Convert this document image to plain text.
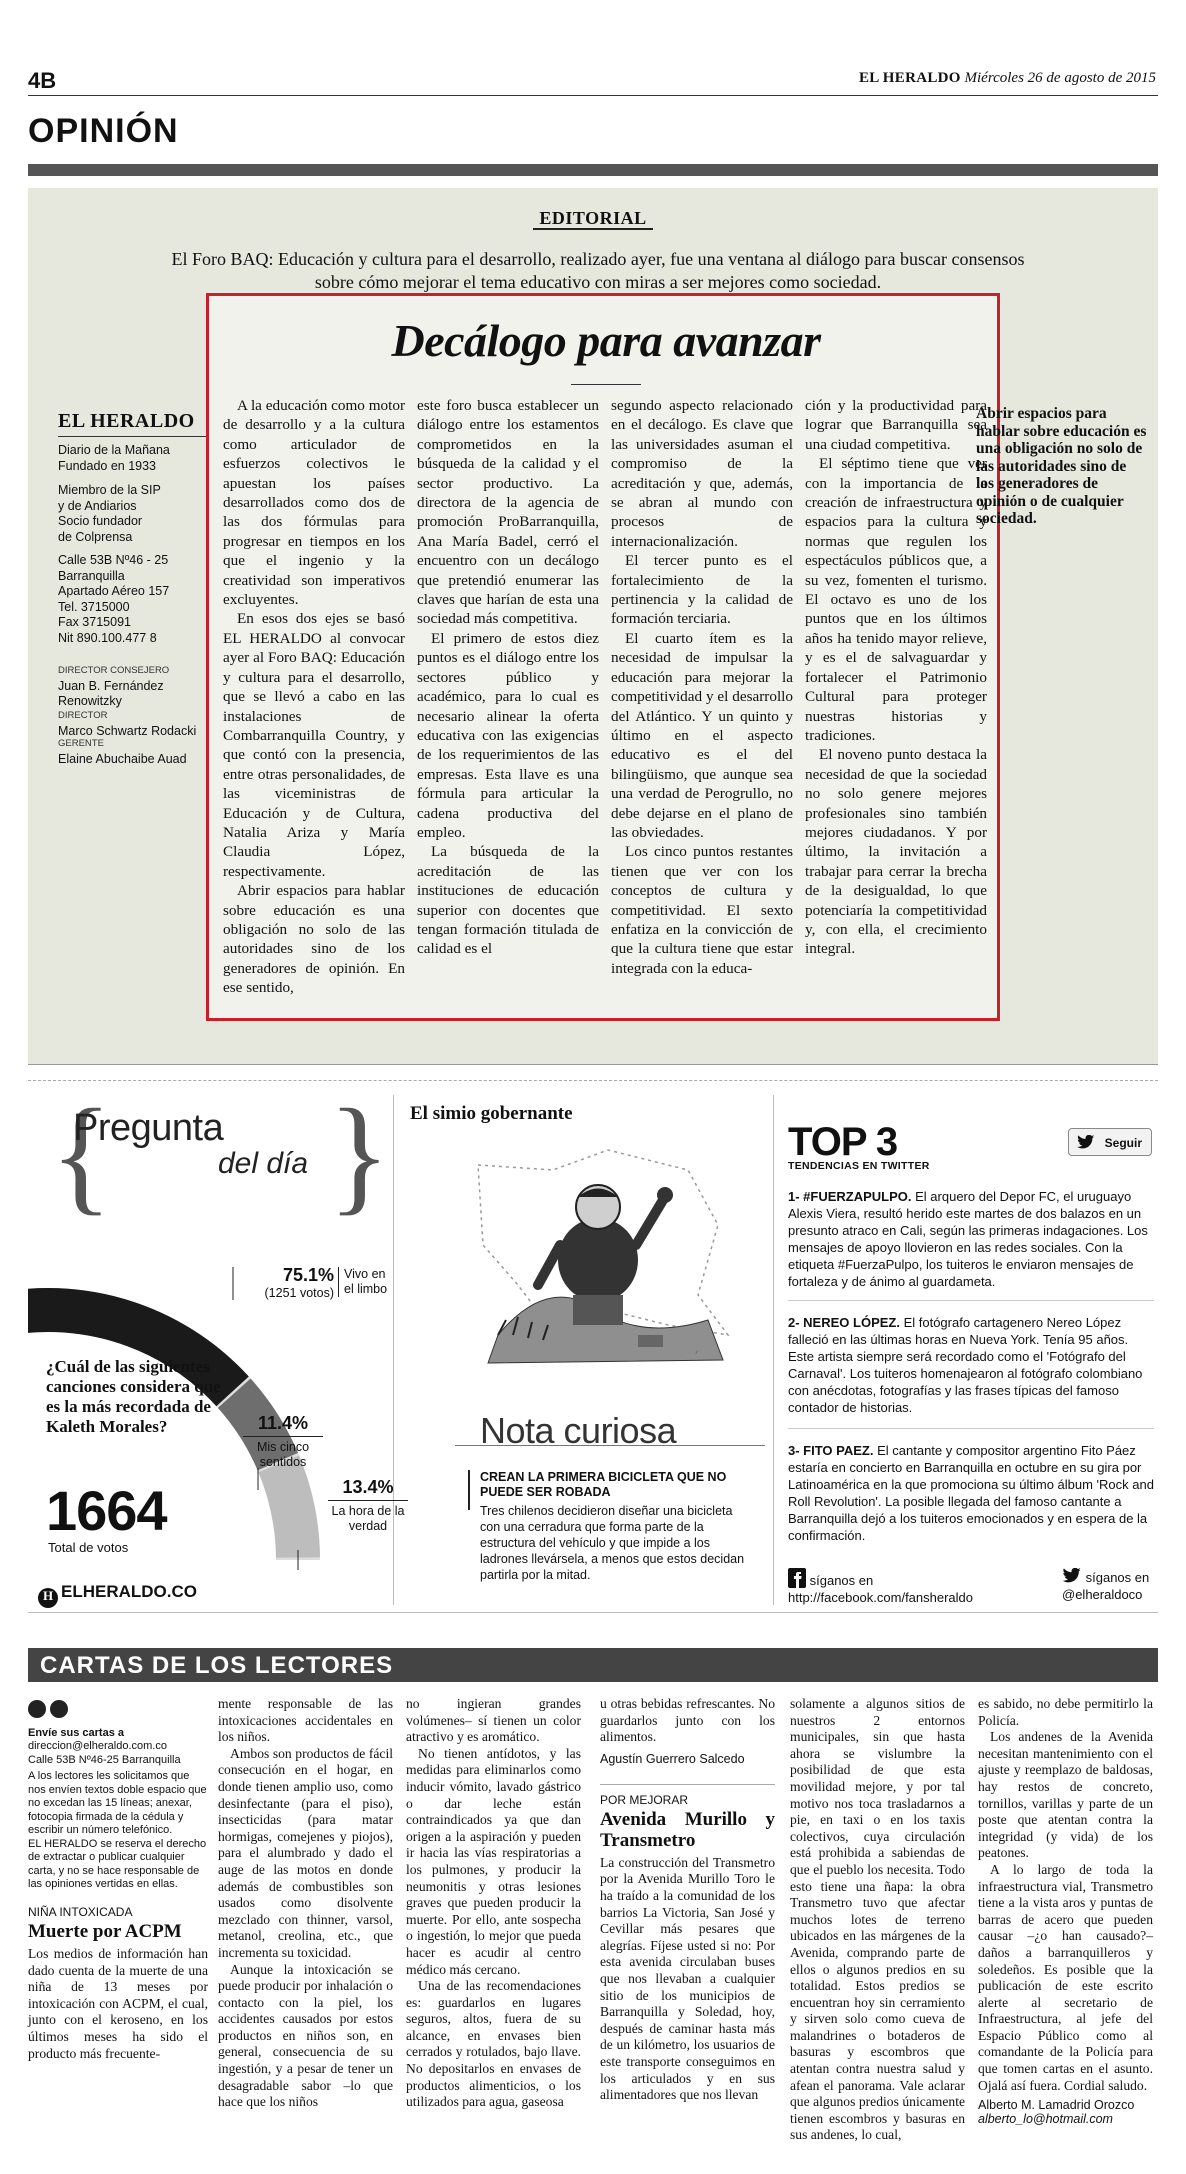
4B	EL HERALDO Miércoles 26 de agosto de 2015
OPINIÓN
EDITORIAL
El Foro BAQ: Educación y cultura para el desarrollo, realizado ayer, fue una ventana al diálogo para buscar consensos sobre cómo mejorar el tema educativo con miras a ser mejores como sociedad.
EL HERALDO
Diario de la Mañana
Fundado en 1933
Miembro de la SIP
y de Andiarios
Socio fundador
de Colprensa
Calle 53B Nº46 - 25
Barranquilla
Apartado Aéreo 157
Tel. 3715000
Fax 3715091
Nit 890.100.477 8
DIRECTOR CONSEJERO
Juan B. Fernández Renowitzky
DIRECTOR
Marco Schwartz Rodacki
GERENTE
Elaine Abuchaibe Auad
Decálogo para avanzar

A la educación como motor de desarrollo y a la cultura como articulador de esfuerzos colectivos le apuestan los países desarrollados como dos de las dos fórmulas para progresar en tiempos en los que el ingenio y la creatividad son imperativos excluyentes.

En esos dos ejes se basó EL HERALDO al convocar ayer al Foro BAQ: Educación y cultura para el desarrollo, que se llevó a cabo en las instalaciones de Combarranquilla Country, y que contó con la presencia, entre otras personalidades, de las viceministras de Educación y de Cultura, Natalia Ariza y María Claudia López, respectivamente.

Abrir espacios para hablar sobre educación es una obligación no solo de las autoridades sino de los generadores de opinión. En ese sentido,

este foro busca establecer un diálogo entre los estamentos comprometidos en la búsqueda de la calidad y el sector productivo. La directora de la agencia de promoción ProBarranquilla, Ana María Badel, cerró el encuentro con un decálogo que pretendió enumerar las claves que harían de esta una sociedad más competitiva.

El primero de estos diez puntos es el diálogo entre los sectores público y académico, para lo cual es necesario alinear la oferta educativa con las exigencias de los requerimientos de las empresas. Esta llave es una fórmula para articular la cadena productiva del empleo.

La búsqueda de la acreditación de las instituciones de educación superior con docentes que tengan formación titulada de calidad es el

segundo aspecto relacionado en el decálogo. Es clave que las universidades asuman el compromiso de la acreditación y que, además, se abran al mundo con procesos de internacionalización.

El tercer punto es el fortalecimiento de la pertinencia y la calidad de formación terciaria.

El cuarto ítem es la necesidad de impulsar la educación para mejorar la competitividad y el desarrollo del Atlántico. Y un quinto y último en el aspecto educativo es el del bilingüismo, que aunque sea una verdad de Perogrullo, no debe dejarse en el plano de las obviedades.

Los cinco puntos restantes tienen que ver con los conceptos de cultura y competitividad. El sexto enfatiza en la convicción de que la cultura tiene que estar integrada con la educa-

ción y la productividad para lograr que Barranquilla sea una ciudad competitiva.

El séptimo tiene que ver con la importancia de la creación de infraestructura y espacios para la cultura y normas que regulen los espectáculos públicos que, a su vez, fomenten el turismo. El octavo es uno de los puntos que en los últimos años ha tenido mayor relieve, y es el de salvaguardar y fortalecer el Patrimonio Cultural para proteger nuestras historias y tradiciones.

El noveno punto destaca la necesidad de que la sociedad no solo genere mejores profesionales sino también mejores ciudadanos. Y por último, la invitación a trabajar para cerrar la brecha de la desigualdad, lo que potenciaría la competitividad y, con ella, el crecimiento integral.

Abrir espacios para hablar sobre educación es una obligación no solo de las autoridades sino de los generadores de opinión o de cualquier sociedad.
{ }
Pregunta
del día
75.1%
(1251 votos)
Vivo en el limbo
11.4%
Mis cinco sentidos
13.4%
La hora de la verdad
¿Cuál de las siguientes canciones considera que es la más recordada de Kaleth Morales?
1664
Total de votos
H ELHERALDO.CO
El simio gobernante
~
Nota curiosa
CREAN LA PRIMERA BICICLETA QUE NO PUEDE SER ROBADA
Tres chilenos decidieron diseñar una bicicleta con una cerradura que forma parte de la estructura del vehículo y que impide a los ladrones llevársela, a menos que estos decidan partirla por la mitad.
TOP 3
TENDENCIAS EN TWITTER
Seguir
1- #FUERZAPULPO. El arquero del Depor FC, el uruguayo Alexis Viera, resultó herido este martes de dos balazos en un presunto atraco en Cali, según las primeras indagaciones. Los mensajes de apoyo llovieron en las redes sociales. Con la etiqueta #FuerzaPulpo, los tuiteros le enviaron mensajes de fortaleza y de ánimo al guardameta.
2- NEREO LÓPEZ. El fotógrafo cartagenero Nereo López falleció en las últimas horas en Nueva York. Tenía 95 años. Este artista siempre será recordado como el 'Fotógrafo del Carnaval'. Los tuiteros homenajearon al fotógrafo colombiano con anécdotas, fotografías y las frases típicas del famoso contador de historias.
3- FITO PAEZ. El cantante y compositor argentino Fito Páez estaría en concierto en Barranquilla en octubre en su gira por Latinoamérica en la que promociona su último álbum 'Rock and Roll Revolution'. La posible llegada del famoso cantante a Barranquilla dejó a los tuiteros emocionados y en espera de la confirmación.
síganos en
http://facebook.com/fansheraldo
síganos en
@elheraldoco
CARTAS DE LOS LECTORES
Envíe sus cartas a
direccion@elheraldo.com.co
Calle 53B Nº46-25 Barranquilla
A los lectores les solicitamos que nos envíen textos doble espacio que no excedan las 15 líneas; anexar, fotocopia firmada de la cédula y escribir un número telefónico.
EL HERALDO se reserva el derecho de extractar o publicar cualquier carta, y no se hace responsable de las opiniones vertidas en ellas.
NIÑA INTOXICADA
Muerte por ACPM

Los medios de información han dado cuenta de la muerte de una niña de 13 meses por intoxicación con ACPM, el cual, junto con el keroseno, en los últimos meses ha sido el producto más frecuente-

mente responsable de las intoxicaciones accidentales en los niños.

Ambos son productos de fácil consecución en el hogar, en donde tienen amplio uso, como desinfectante (para el piso), insecticidas (para matar hormigas, comejenes y piojos), para el alumbrado y dado el auge de las motos en donde además de combustibles son usados como disolvente mezclado con thinner, varsol, metanol, creolina, etc., que incrementa su toxicidad.

Aunque la intoxicación se puede producir por inhalación o contacto con la piel, los accidentes causados por estos productos en niños son, en general, consecuencia de su ingestión, y a pesar de tener un desagradable sabor –lo que hace que los niños

no ingieran grandes volúmenes– sí tienen un color atractivo y es aromático.

No tienen antídotos, y las medidas para eliminarlos como inducir vómito, lavado gástrico o dar leche están contraindicados ya que dan origen a la aspiración y pueden ir hacia las vías respiratorias a los pulmones, y producir la neumonitis y otras lesiones graves que pueden producir la muerte. Por ello, ante sospecha o ingestión, lo mejor que pueda hacer es acudir al centro médico más cercano.

Una de las recomendaciones es: guardarlos en lugares seguros, altos, fuera de su alcance, en envases bien cerrados y rotulados, bajo llave. No depositarlos en envases de productos alimenticios, o los utilizados para agua, gaseosa

u otras bebidas refrescantes. No guardarlos junto con los alimentos.

Agustín Guerrero Salcedo

POR MEJORAR
Avenida Murillo y Transmetro

La construcción del Transmetro por la Avenida Murillo Toro le ha traído a la comunidad de los barrios La Victoria, San José y Cevillar más pesares que alegrías. Fíjese usted si no: Por esta avenida circulaban buses que nos llevaban a cualquier sitio de los municipios de Barranquilla y Soledad, hoy, después de caminar hasta más de un kilómetro, los usuarios de este transporte conseguimos en los articulados y en sus alimentadores que nos llevan

solamente a algunos sitios de nuestros 2 entornos municipales, sin que hasta ahora se vislumbre la posibilidad de que esta movilidad mejore, y por tal motivo nos toca trasladarnos a pie, en taxi o en los taxis colectivos, cuya circulación está prohibida a sabiendas de que el pueblo los necesita. Todo esto tiene una ñapa: la obra Transmetro tuvo que afectar muchos lotes de terreno ubicados en las márgenes de la Avenida, comprando parte de ellos o algunos predios en su totalidad. Estos predios se encuentran hoy sin cerramiento y sirven solo como cueva de malandrines o botaderos de basuras y escombros que atentan contra nuestra salud y afean el panorama. Vale aclarar que algunos predios únicamente tienen escombros y basuras en sus andenes, lo cual,

es sabido, no debe permitirlo la Policía.

Los andenes de la Avenida necesitan mantenimiento con el ajuste y reemplazo de baldosas, hay restos de concreto, tornillos, varillas y parte de un poste que atentan contra la integridad (y vida) de los peatones.

A lo largo de toda la infraestructura vial, Transmetro tiene a la vista aros y puntas de barras de acero que pueden causar –¿o han causado?– daños a barranquilleros y soledeños. Es posible que la publicación de este escrito alerte al secretario de Infraestructura, al jefe del Espacio Público como al comandante de la Policía para que tomen cartas en el asunto. Ojalá así fuera. Cordial saludo.

Alberto M. Lamadrid Orozco

alberto_lo@hotmail.com
